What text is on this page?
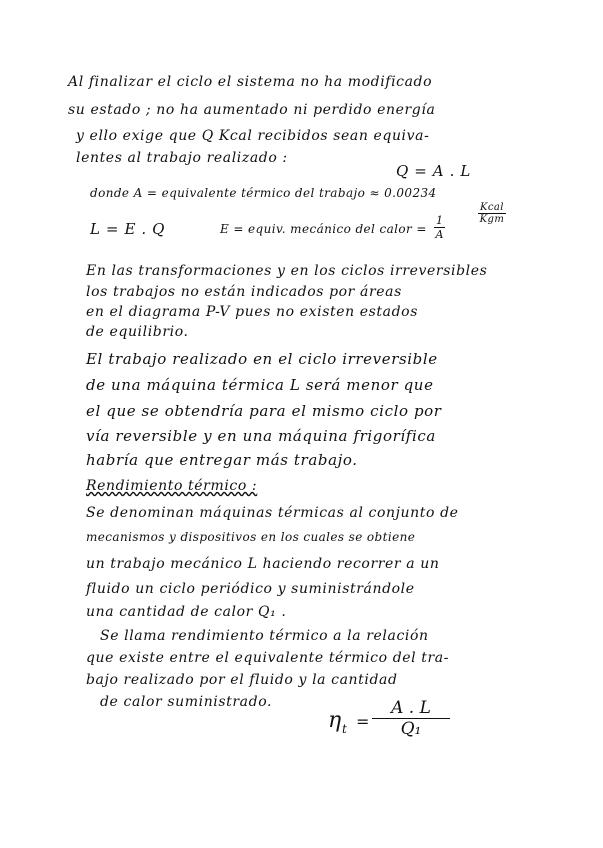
Al finalizar el ciclo el sistema no ha modificado
su estado ; no ha aumentado ni perdido energía
y ello exige que Q Kcal recibidos sean equiva-
lentes al trabajo realizado :
Q = A . L
donde A = equivalente térmico del trabajo ≈ 0.00234
Kcal
Kgm
L = E . Q	E = equiv. mecánico del calor = $\frac{1}{A}$
En las transformaciones y en los ciclos irreversibles
los trabajos no están indicados por áreas
en el diagrama P-V pues no existen estados
de equilibrio.
El trabajo realizado en el ciclo irreversible
de una máquina térmica L será menor que
el que se obtendría para el mismo ciclo por
vía reversible y en una máquina frigorífica
habría que entregar más trabajo.
Rendimiento térmico :
Se denominan máquinas térmicas al conjunto de
mecanismos y dispositivos en los cuales se obtiene
un trabajo mecánico L haciendo recorrer a un
fluido un ciclo periódico y suministrándole
una cantidad de calor Q₁ .
Se llama rendimiento térmico a la relación
que existe entre el equivalente térmico del tra-
bajo realizado por el fluido y la cantidad
de calor suministrado.
η $t = \frac{A . L}{\text{Q₁}}$
